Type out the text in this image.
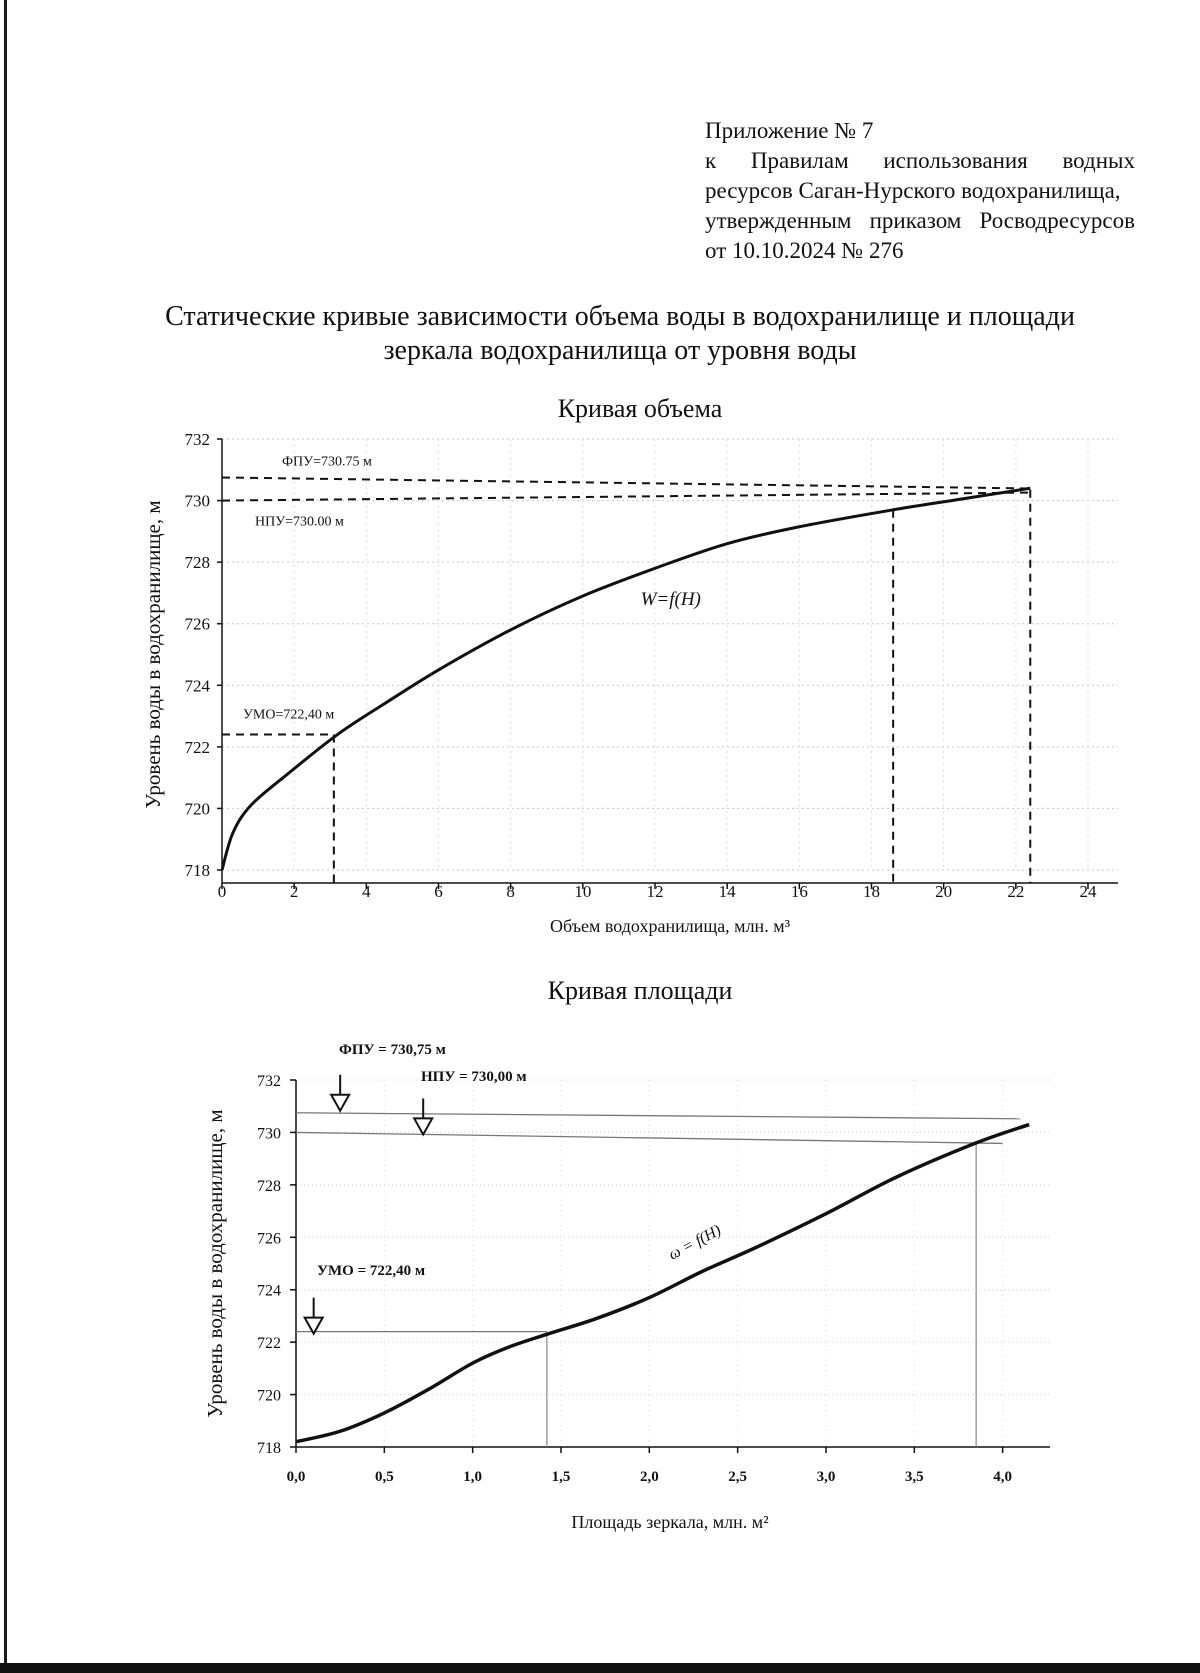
Приложение № 7
к Правилам использования водных
ресурсов Саган-Нурского водохранилища,
утвержденным приказом Росводресурсов
от 10.10.2024 № 276
Статические кривые зависимости объема воды в водохранилище и площади
зеркала водохранилища от уровня воды
Кривая объема
Кривая площади
718
720
722
724
726
728
730
732
0	2	4	6	8	10	12	14	16	18	20	22	24
ФПУ=730.75 м
НПУ=730.00 м
УМО=722,40 м
W=f(H)
Объем водохранилища, млн. м³
Уровень воды в водохранилище, м
718
720
722
724
726
728
730
732
0,0	0,5	1,0	1,5	2,0	2,5	3,0	3,5	4,0
ФПУ = 730,75 м
НПУ = 730,00 м
УМО = 722,40 м
ω = f(H)
Площадь зеркала, млн. м²
Уровень воды в водохранилище, м
